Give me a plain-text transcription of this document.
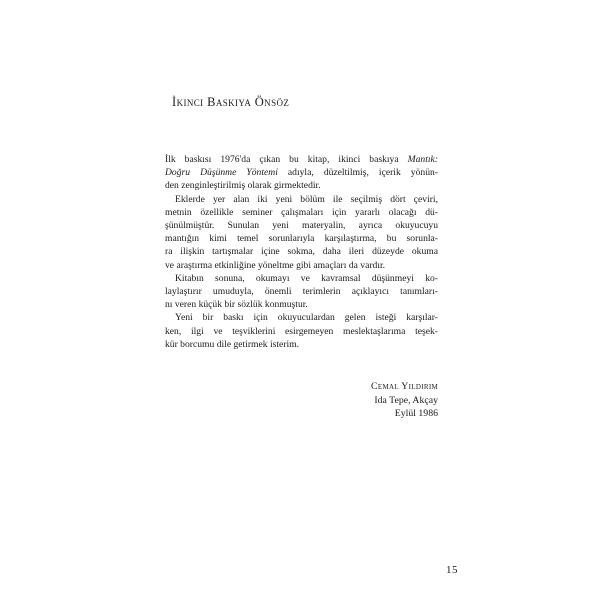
İkinci Baskıya Önsöz
İlk baskısı 1976'da çıkan bu kitap, ikinci baskıya Mantık:
Doğru Düşünme Yöntemi adıyla, düzeltilmiş, içerik yönün-
den zenginleştirilmiş olarak girmektedir.
Eklerde yer alan iki yeni bölüm ile seçilmiş dört çeviri,
metnin özellikle seminer çalışmaları için yararlı olacağı dü-
şünülmüştür. Sunulan yeni materyalin, ayrıca okuyucuyu
mantığın kimi temel sorunlarıyla karşılaştırma, bu sorunla-
ra ilişkin tartışmalar içine sokma, daha ileri düzeyde okuma
ve araştırma etkinliğine yöneltme gibi amaçları da vardır.
Kitabın sonuna, okumayı ve kavramsal düşünmeyi ko-
laylaştırır umuduyla, önemli terimlerin açıklayıcı tanımları-
nı veren küçük bir sözlük konmuştur.
Yeni bir baskı için okuyuculardan gelen isteği karşılar-
ken, ilgi ve teşviklerini esirgemeyen meslektaşlarıma teşek-
kür borcumu dile getirmek isterim.
Cemal Yıldırım
Ida Tepe, Akçay
Eylül 1986
15
